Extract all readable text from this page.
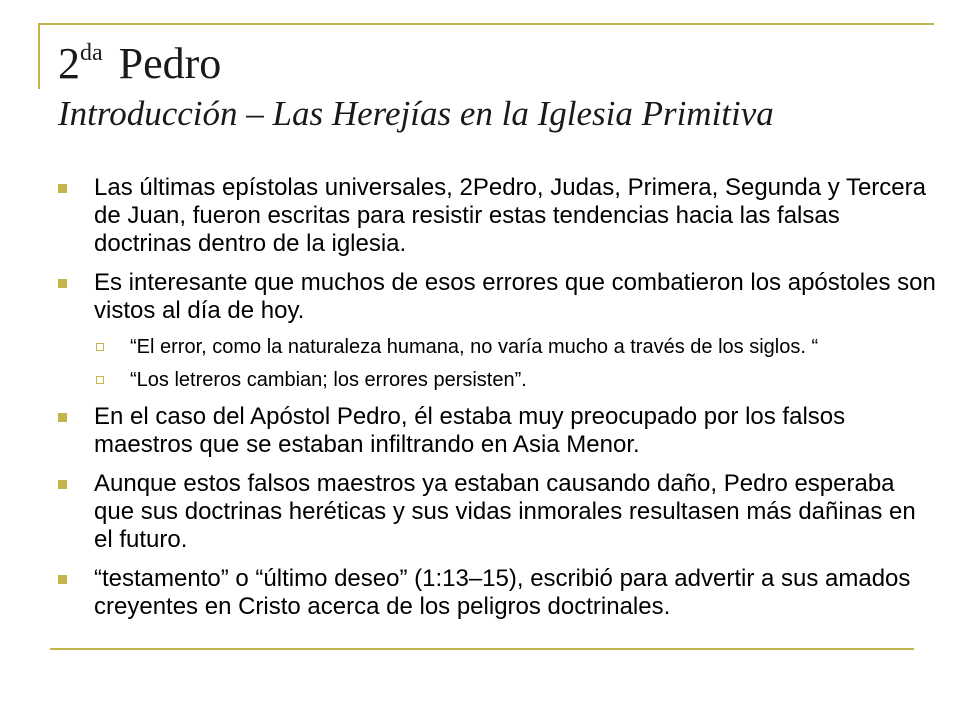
$2^{da}$ Pedro
Introducción – Las Herejías en la Iglesia Primitiva
Las últimas epístolas universales, 2Pedro, Judas, Primera, Segunda y Tercera de Juan, fueron escritas para resistir estas tendencias hacia las falsas doctrinas dentro de la iglesia.
Es interesante que muchos de esos errores que combatieron los apóstoles son vistos al día de hoy.
“El error, como la naturaleza humana, no varía mucho a través de los siglos. “
“Los letreros cambian; los errores persisten”.
En el caso del Apóstol Pedro, él estaba muy preocupado por los falsos maestros que se estaban infiltrando en Asia Menor.
Aunque estos falsos maestros ya estaban causando daño, Pedro esperaba que sus doctrinas heréticas y sus vidas inmorales resultasen más dañinas en el futuro.
“testamento” o “último deseo” (1:13–15), escribió para advertir a sus amados creyentes en Cristo acerca de los peligros doctrinales.
